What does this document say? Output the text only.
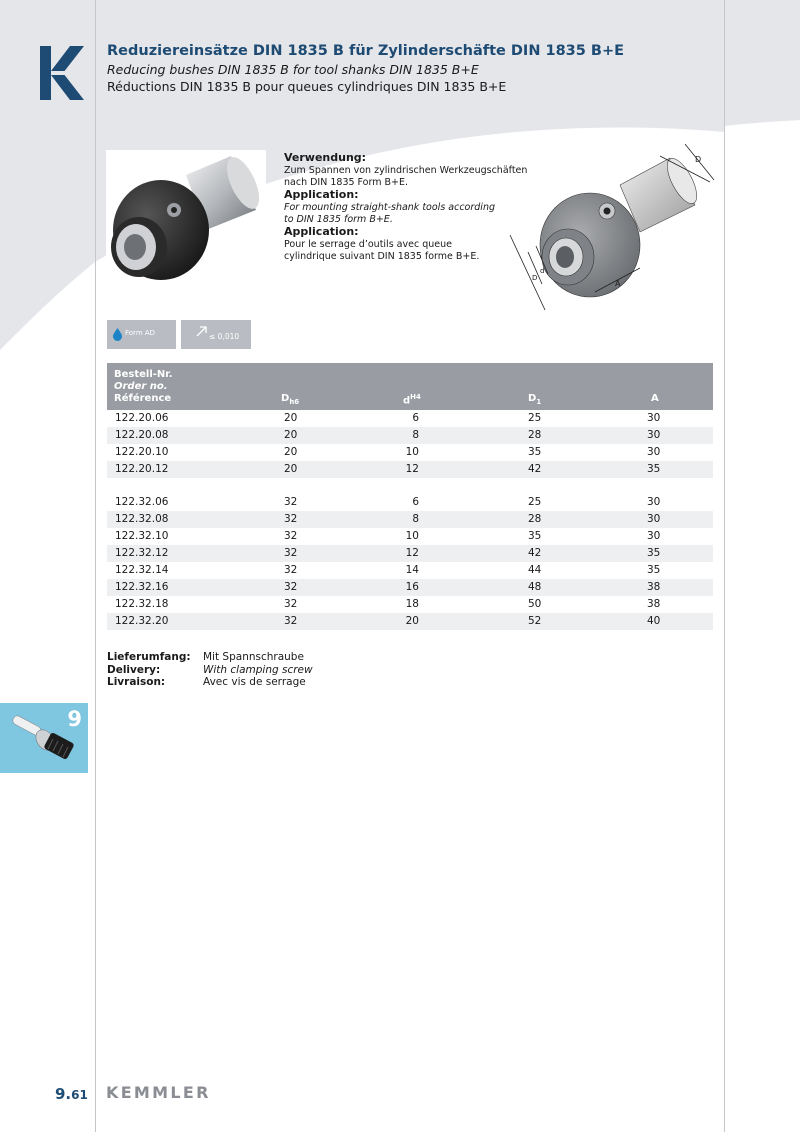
Reduziereinsätze DIN 1835 B für Zylinderschäfte DIN 1835 B+E
Reducing bushes DIN 1835 B for tool shanks DIN 1835 B+E
Réductions DIN 1835 B pour queues cylindriques DIN 1835 B+E
Verwendung:
Zum Spannen von zylindrischen Werkzeugschäften
nach DIN 1835 Form B+E.
Application:
For mounting straight-shank tools according
to DIN 1835 form B+E.
Application:
Pour le serrage d’outils avec queue
cylindrique suivant DIN 1835 forme B+E.
D
d
D
A
Form AD	≤ 0,010
Bestell-Nr.
Order no.
Référence	$D_{h6}$	$d^{H4}$	$D_1$	A
122.20.06	20	6	25	30
122.20.08	20	8	28	30
122.20.10	20	10	35	30
122.20.12	20	12	42	35
122.32.06	32	6	25	30
122.32.08	32	8	28	30
122.32.10	32	10	35	30
122.32.12	32	12	42	35
122.32.14	32	14	44	35
122.32.16	32	16	48	38
122.32.18	32	18	50	38
122.32.20	32	20	52	40
Lieferumfang:	Mit Spannschraube
Delivery:	With clamping screw
Livraison:	Avec vis de serrage
9
9.61 KEMMLER
